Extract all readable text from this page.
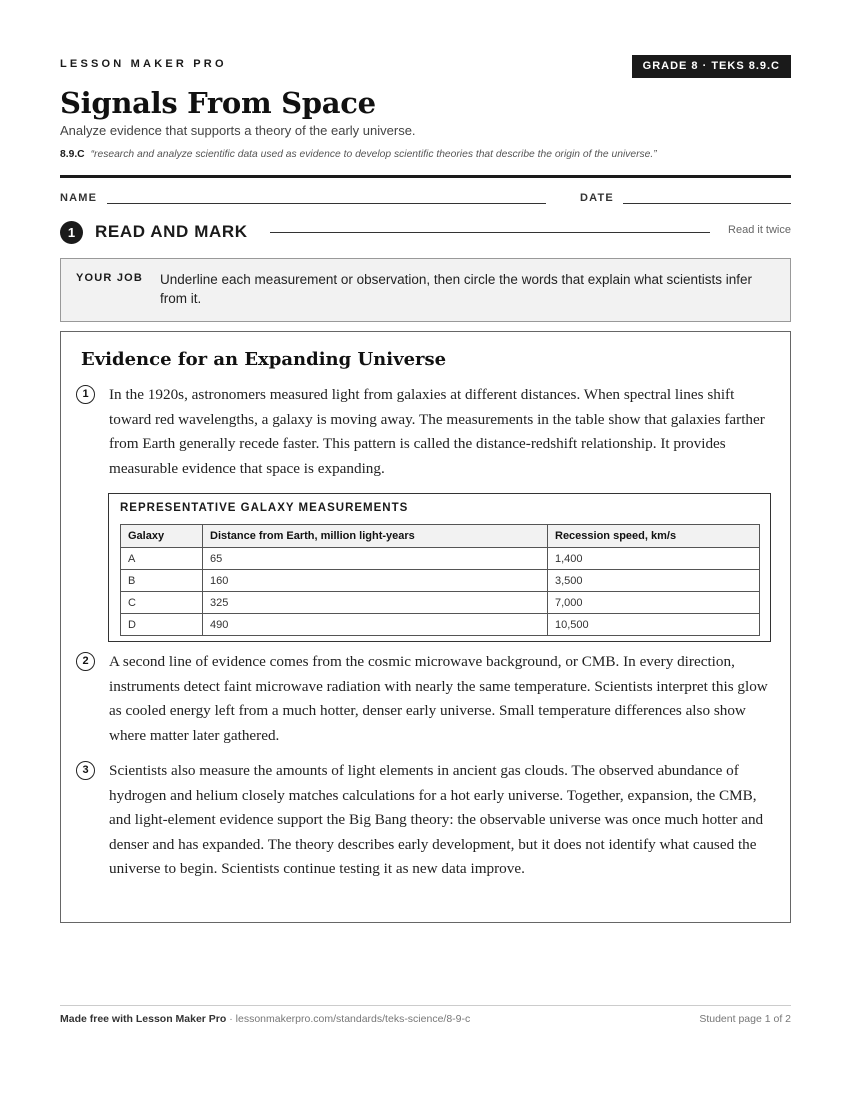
LESSON MAKER PRO	GRADE 8 · TEKS 8.9.C
Signals From Space
Analyze evidence that supports a theory of the early universe.
8.9.C “research and analyze scientific data used as evidence to develop scientific theories that describe the origin of the universe.”
NAME	DATE
1	READ AND MARK	Read it twice
YOUR JOB Underline each measurement or observation, then circle the words that explain what scientists infer from it.
Evidence for an Expanding Universe
1	In the 1920s, astronomers measured light from galaxies at different distances. When spectral lines shift toward red wavelengths, a galaxy is moving away. The measurements in the table show that galaxies farther from Earth generally recede faster. This pattern is called the distance-redshift relationship. It provides measurable evidence that space is expanding.
REPRESENTATIVE GALAXY MEASUREMENTS
Galaxy	Distance from Earth, million light-years	Recession speed, km/s
A	65	1,400
B	160	3,500
C	325	7,000
D	490	10,500
2	A second line of evidence comes from the cosmic microwave background, or CMB. In every direction, instruments detect faint microwave radiation with nearly the same temperature. Scientists interpret this glow as cooled energy left from a much hotter, denser early universe. Small temperature differences also show where matter later gathered.
3	Scientists also measure the amounts of light elements in ancient gas clouds. The observed abundance of hydrogen and helium closely matches calculations for a hot early universe. Together, expansion, the CMB, and light-element evidence support the Big Bang theory: the observable universe was once much hotter and denser and has expanded. The theory describes early development, but it does not identify what caused the universe to begin. Scientists continue testing it as new data improve.
Made free with Lesson Maker Pro · lessonmakerpro.com/standards/teks-science/8-9-c	Student page 1 of 2
